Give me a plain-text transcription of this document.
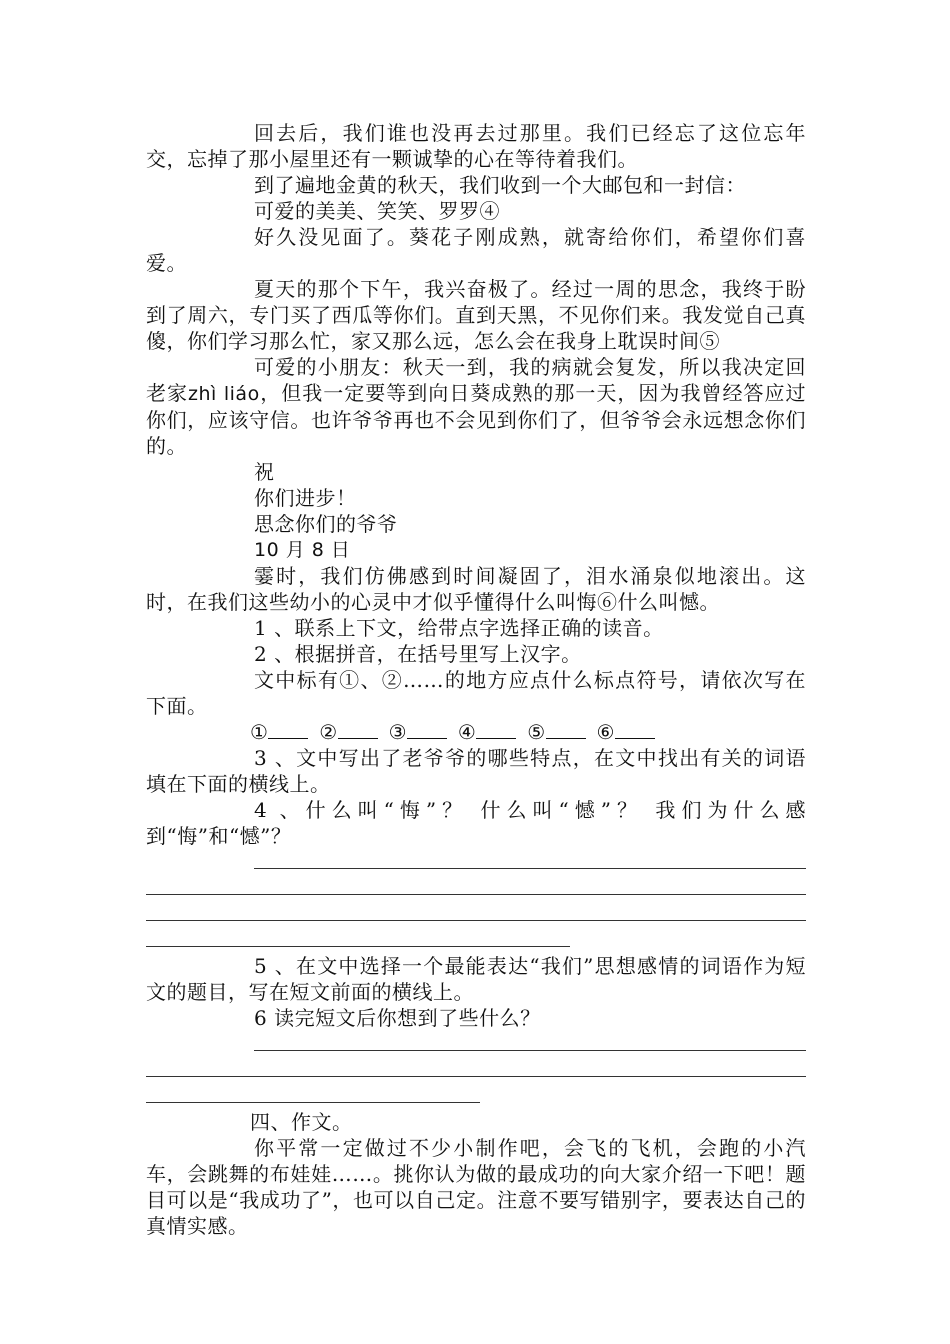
回去后，我们谁也没再去过那里。我们已经忘了这位忘年交，忘掉了那小屋里还有一颗诚挚的心在等待着我们。

到了遍地金黄的秋天，我们收到一个大邮包和一封信：

可爱的美美、笑笑、罗罗④

好久没见面了。葵花子刚成熟，就寄给你们，希望你们喜爱。

夏天的那个下午，我兴奋极了。经过一周的思念，我终于盼到了周六，专门买了西瓜等你们。直到天黑，不见你们来。我发觉自己真傻，你们学习那么忙，家又那么远，怎么会在我身上耽误时间⑤

可爱的小朋友：秋天一到，我的病就会复发，所以我决定回老家zhì liáo，但我一定要等到向日葵成熟的那一天，因为我曾经答应过你们，应该守信。也许爷爷再也不会见到你们了，但爷爷会永远想念你们的。

祝

你们进步！

思念你们的爷爷

10 月 8 日

霎时，我们仿佛感到时间凝固了，泪水涌泉似地滚出。这时，在我们这些幼小的心灵中才似乎懂得什么叫悔⑥什么叫憾。

1 、联系上下文，给带点字选择正确的读音。

2 、根据拼音，在括号里写上汉字。

文中标有①、②……的地方应点什么标点符号，请依次写在下面。

①	②	③	④	⑤	⑥

3 、文中写出了老爷爷的哪些特点，在文中找出有关的词语填在下面的横线上。

4 、什么叫“悔”？ 什么叫“憾”？ 我们为什么感到“悔”和“憾”？

5 、在文中选择一个最能表达“我们”思想感情的词语作为短文的题目，写在短文前面的横线上。

6 读完短文后你想到了些什么？

四、作文。

你平常一定做过不少小制作吧，会飞的飞机，会跑的小汽车，会跳舞的布娃娃……。挑你认为做的最成功的向大家介绍一下吧！题目可以是“我成功了”，也可以自己定。注意不要写错别字，要表达自己的真情实感。
